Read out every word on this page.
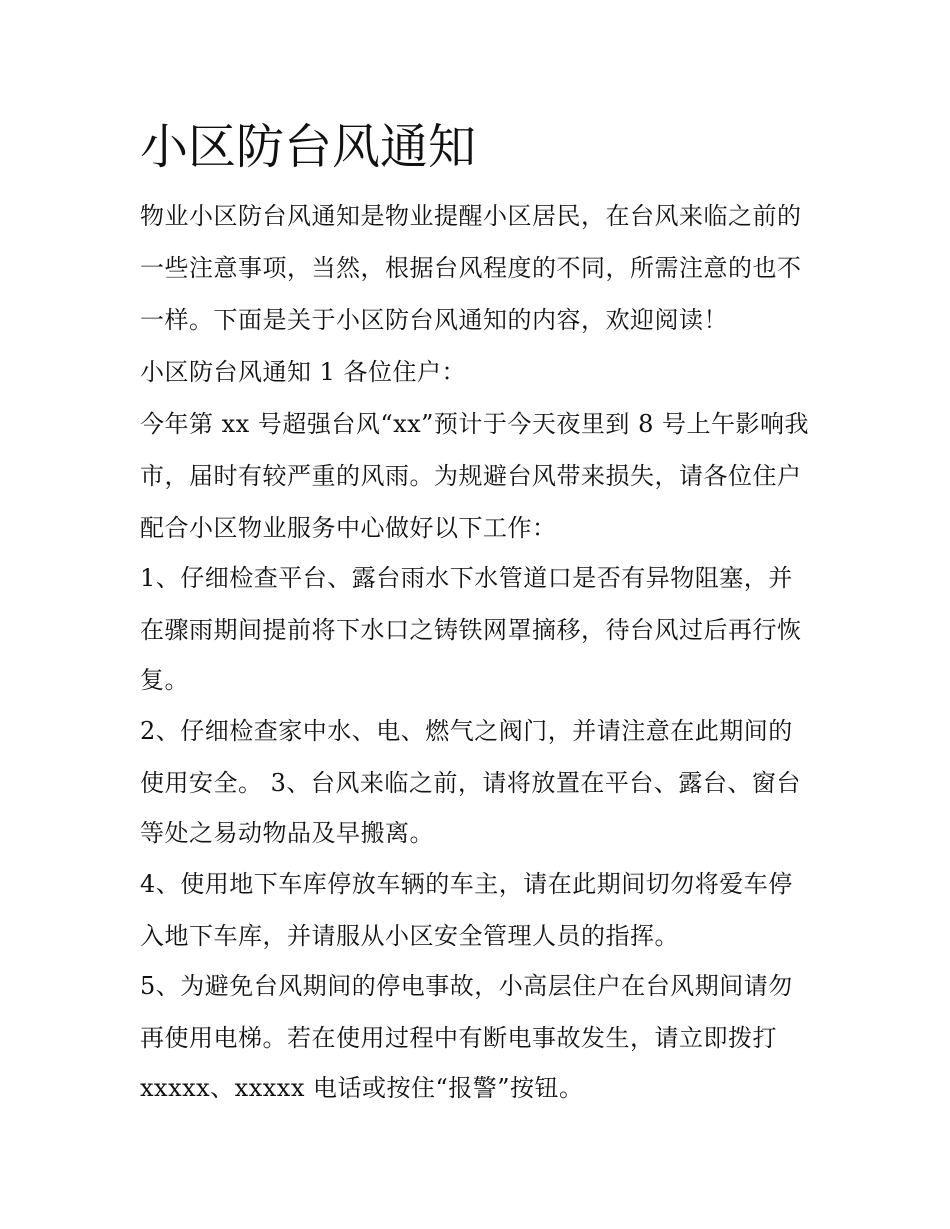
小区防台风通知

物业小区防台风通知是物业提醒小区居民，在台风来临之前的

一些注意事项，当然，根据台风程度的不同，所需注意的也不

一样。下面是关于小区防台风通知的内容，欢迎阅读！

小区防台风通知 1 各位住户：

今年第 xx 号超强台风“xx”预计于今天夜里到 8 号上午影响我

市，届时有较严重的风雨。为规避台风带来损失，请各位住户

配合小区物业服务中心做好以下工作：

1、仔细检查平台、露台雨水下水管道口是否有异物阻塞，并

在骤雨期间提前将下水口之铸铁网罩摘移，待台风过后再行恢

复。

2、仔细检查家中水、电、燃气之阀门，并请注意在此期间的

使用安全。 3、台风来临之前，请将放置在平台、露台、窗台

等处之易动物品及早搬离。

4、使用地下车库停放车辆的车主，请在此期间切勿将爱车停

入地下车库，并请服从小区安全管理人员的指挥。

5、为避免台风期间的停电事故，小高层住户在台风期间请勿

再使用电梯。若在使用过程中有断电事故发生，请立即拨打

xxxxx、xxxxx 电话或按住“报警”按钮。
